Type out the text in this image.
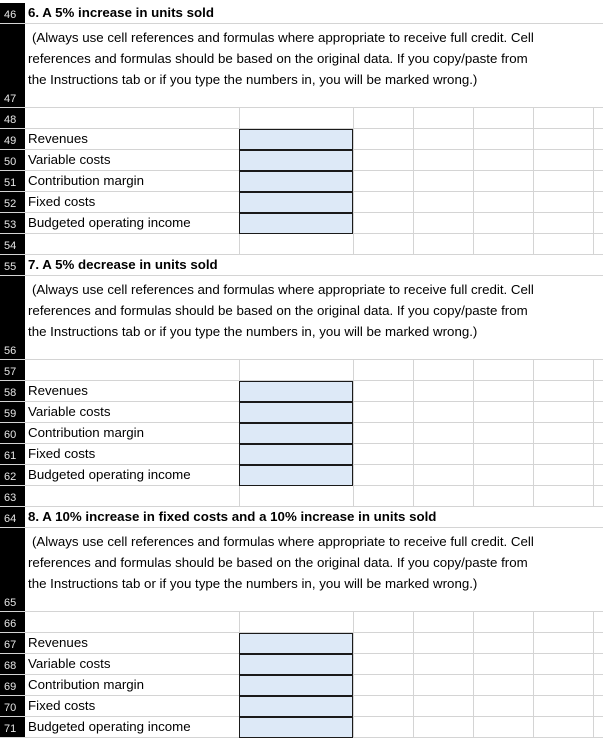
46 6. A 5% increase in units sold
47
(Always use cell references and formulas where appropriate to receive full credit. Cell
references and formulas should be based on the original data. If you copy/paste from
the Instructions tab or if you type the numbers in, you will be marked wrong.)
48
49 Revenues
50 Variable costs
51 Contribution margin
52 Fixed costs
53 Budgeted operating income
54
55 7. A 5% decrease in units sold
56
(Always use cell references and formulas where appropriate to receive full credit. Cell
references and formulas should be based on the original data. If you copy/paste from
the Instructions tab or if you type the numbers in, you will be marked wrong.)
57
58 Revenues
59 Variable costs
60 Contribution margin
61 Fixed costs
62 Budgeted operating income
63
64 8. A 10% increase in fixed costs and a 10% increase in units sold
65
(Always use cell references and formulas where appropriate to receive full credit. Cell
references and formulas should be based on the original data. If you copy/paste from
the Instructions tab or if you type the numbers in, you will be marked wrong.)
66
67 Revenues
68 Variable costs
69 Contribution margin
70 Fixed costs
71 Budgeted operating income
